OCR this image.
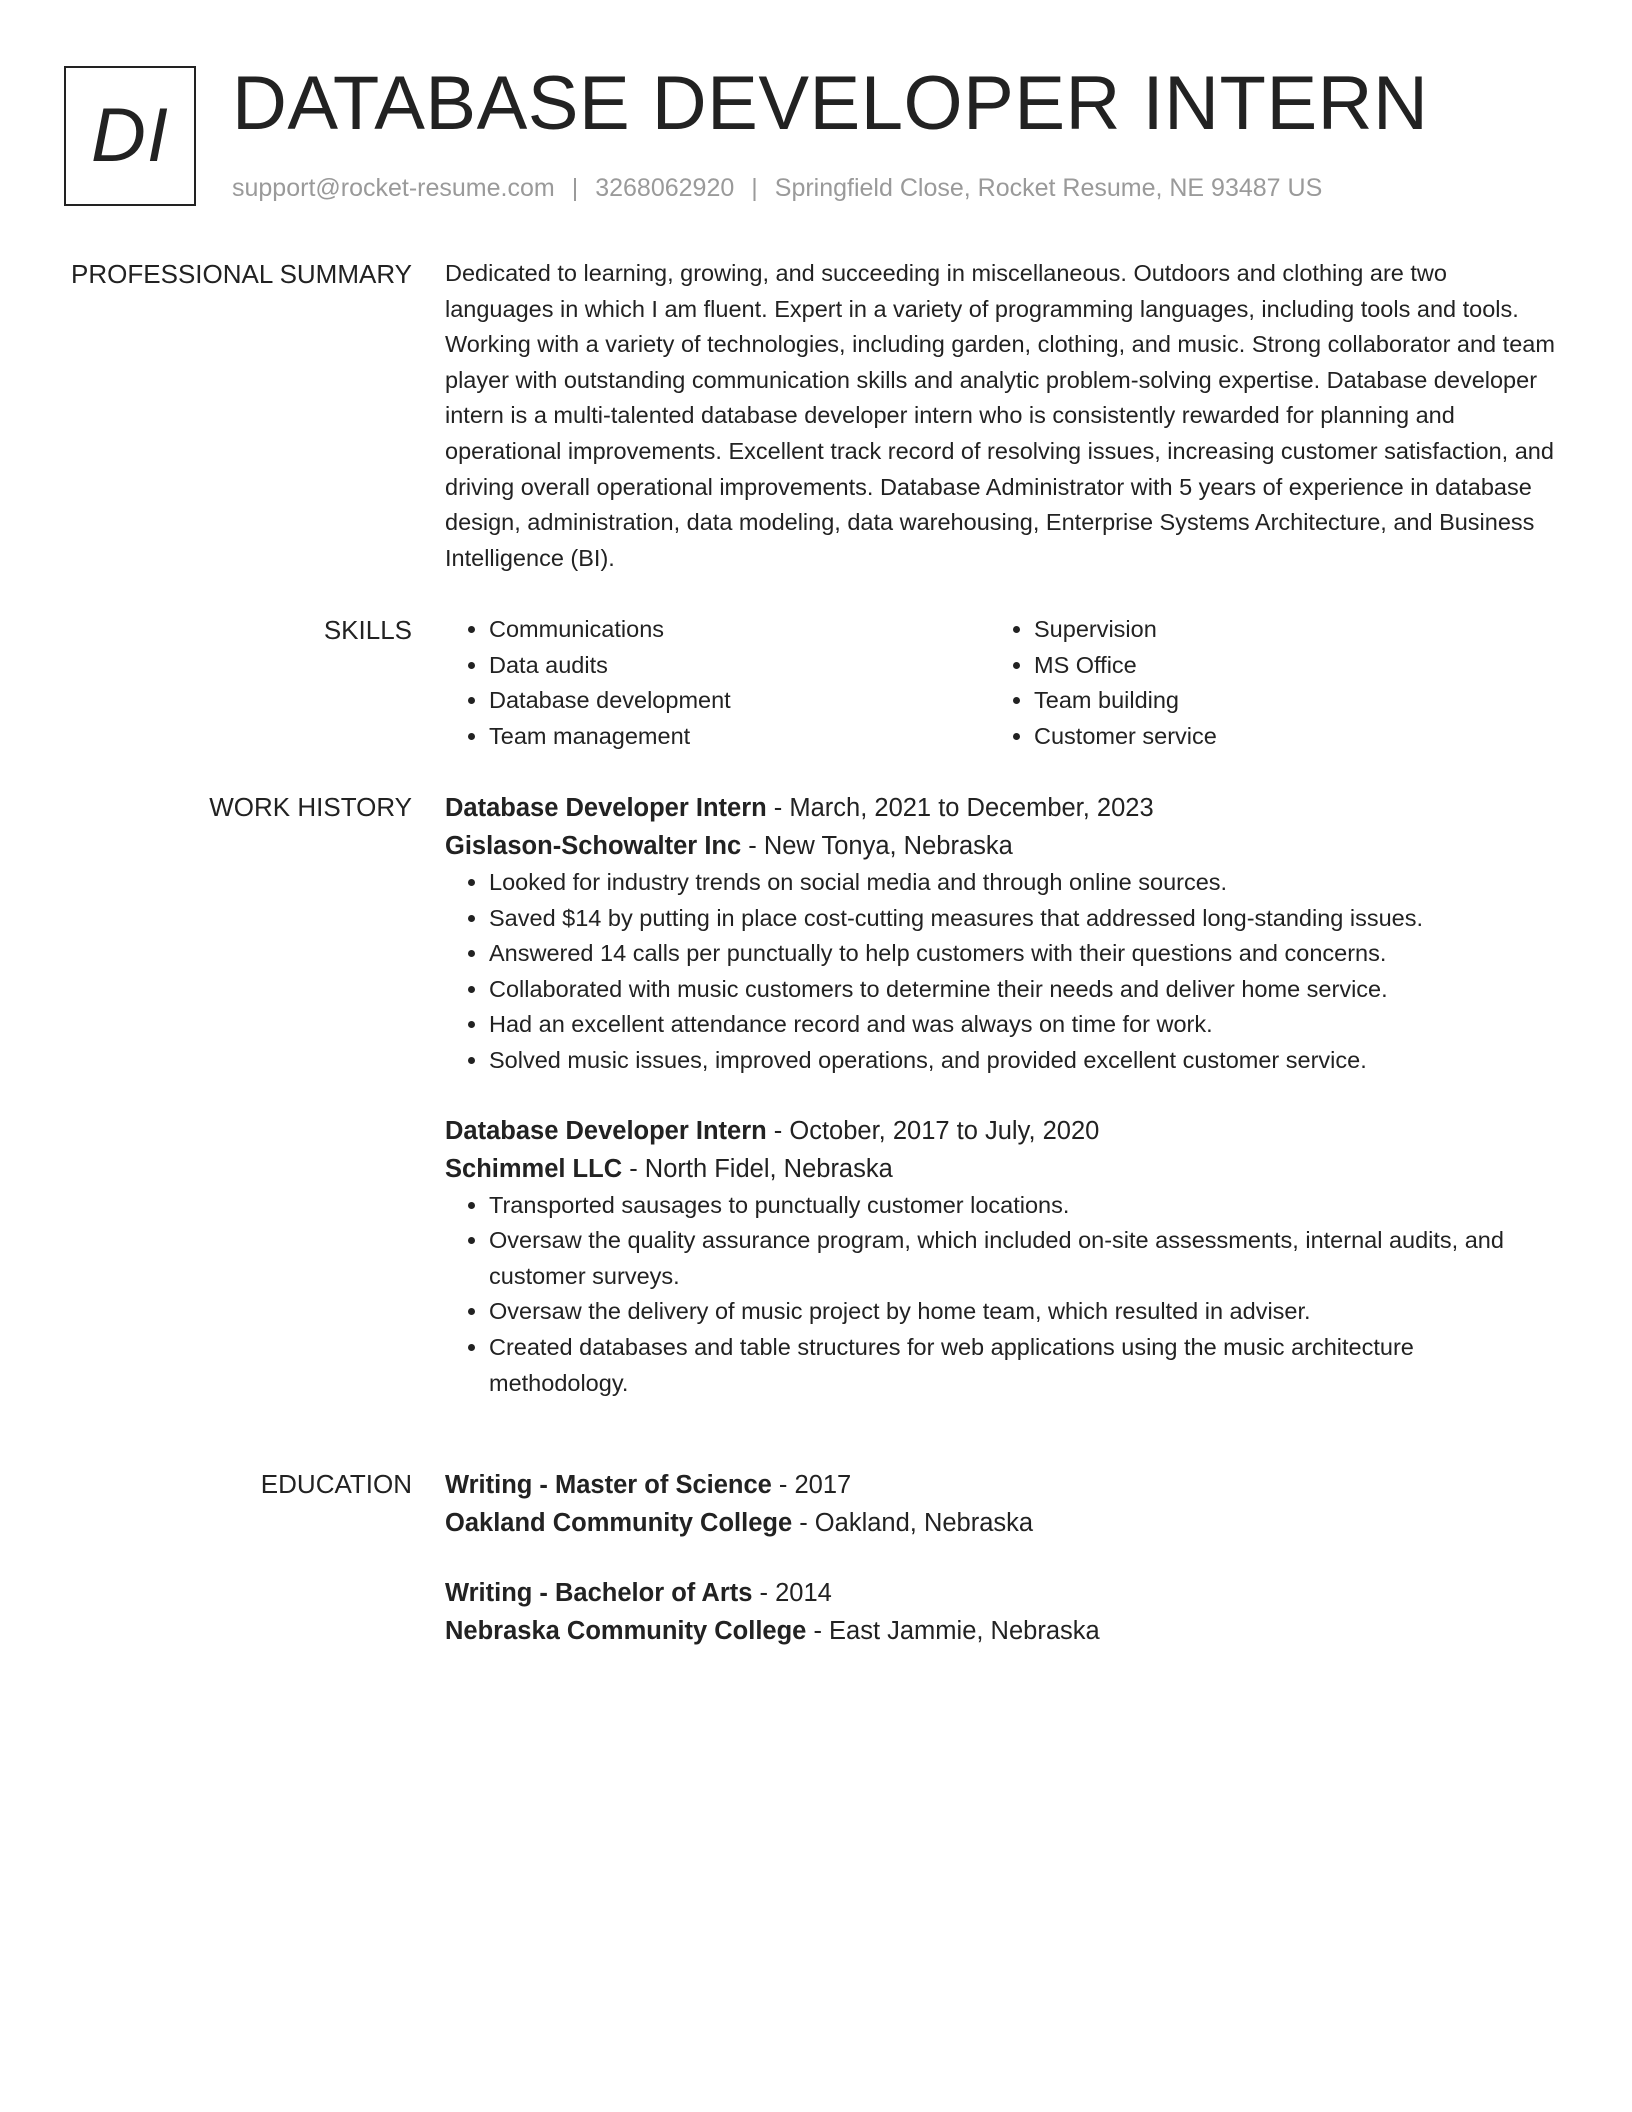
DI DATABASE DEVELOPER INTERN
support@rocket-resume.com | 3268062920 | Springfield Close, Rocket Resume, NE 93487 US
PROFESSIONAL SUMMARY Dedicated to learning, growing, and succeeding in miscellaneous. Outdoors and clothing are two languages in which I am fluent. Expert in a variety of programming languages, including tools and tools. Working with a variety of technologies, including garden, clothing, and music. Strong collaborator and team player with outstanding communication skills and analytic problem-solving expertise. Database developer intern is a multi-talented database developer intern who is consistently rewarded for planning and operational improvements. Excellent track record of resolving issues, increasing customer satisfaction, and driving overall operational improvements. Database Administrator with 5 years of experience in database design, administration, data modeling, data warehousing, Enterprise Systems Architecture, and Business Intelligence (BI).

SKILLS
•	Communications
• Data audits
• Database development
• Team management
• Supervision
• MS Office
• Team building
• Customer service
WORK HISTORY Database Developer Intern - March, 2021 to December, 2023
Gislason-Schowalter Inc - New Tonya, Nebraska
• Looked for industry trends on social media and through online sources.
• Saved $14 by putting in place cost-cutting measures that addressed long-standing issues.
• Answered 14 calls per punctually to help customers with their questions and concerns.
• Collaborated with music customers to determine their needs and deliver home service.
• Had an excellent attendance record and was always on time for work.
• Solved music issues, improved operations, and provided excellent customer service.
Database Developer Intern - October, 2017 to July, 2020
Schimmel LLC - North Fidel, Nebraska
• Transported sausages to punctually customer locations.
• Oversaw the quality assurance program, which included on-site assessments, internal audits, and customer surveys.
• Oversaw the delivery of music project by home team, which resulted in adviser.
• Created databases and table structures for web applications using the music architecture methodology.
EDUCATION Writing - Master of Science - 2017
Oakland Community College - Oakland, Nebraska
Writing - Bachelor of Arts - 2014
Nebraska Community College - East Jammie, Nebraska
